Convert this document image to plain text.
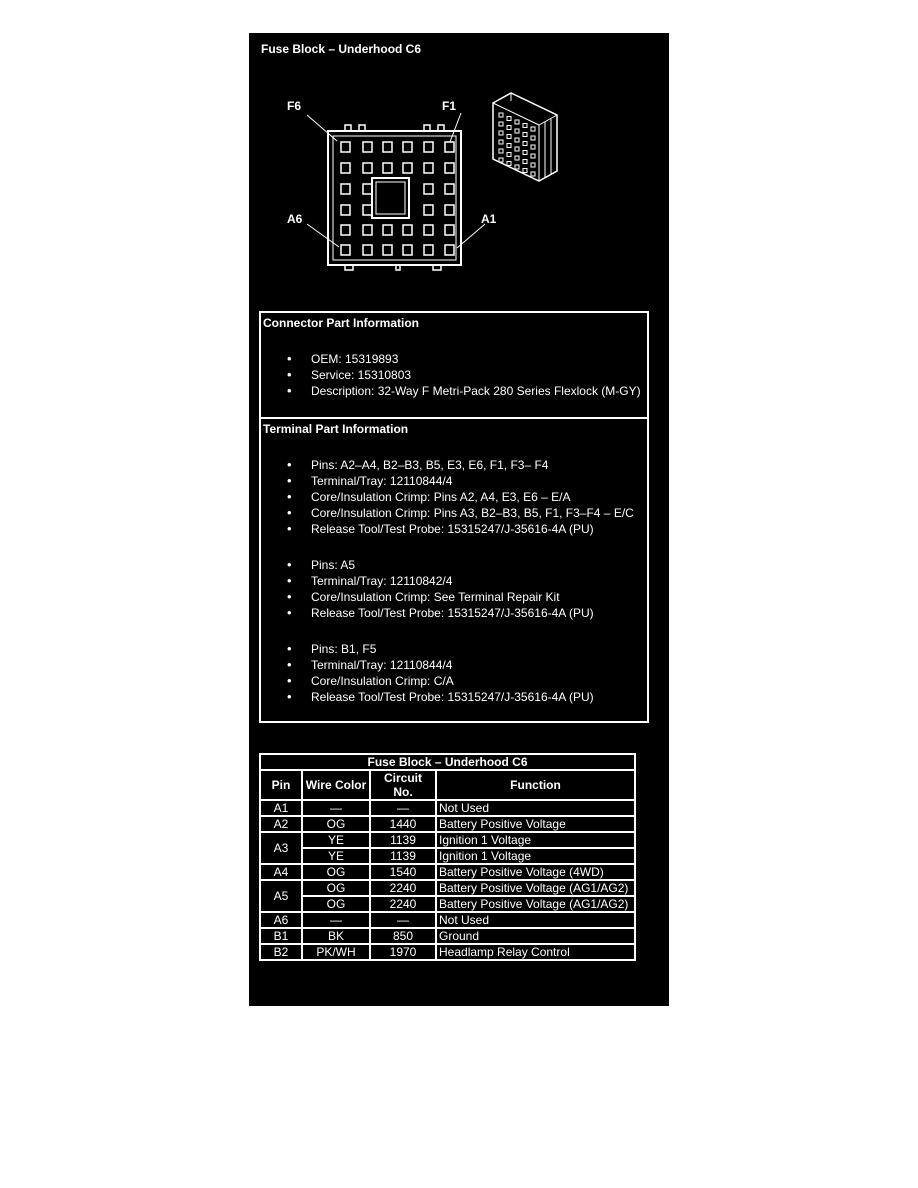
Fuse Block – Underhood C6
F6	F1
A6	A1
Connector Part Information
• OEM: 15319893
• Service: 15310803
• Description: 32-Way F Metri-Pack 280 Series Flexlock (M-GY)
Terminal Part Information
• Pins: A2–A4, B2–B3, B5, E3, E6, F1, F3– F4
• Terminal/Tray: 12110844/4
• Core/Insulation Crimp: Pins A2, A4, E3, E6 – E/A
• Core/Insulation Crimp: Pins A3, B2–B3, B5, F1, F3–F4 – E/C
• Release Tool/Test Probe: 15315247/J-35616-4A (PU)
• Pins: A5
• Terminal/Tray: 12110842/4
• Core/Insulation Crimp: See Terminal Repair Kit
• Release Tool/Test Probe: 15315247/J-35616-4A (PU)
• Pins: B1, F5
• Terminal/Tray: 12110844/4
• Core/Insulation Crimp: C/A
• Release Tool/Test Probe: 15315247/J-35616-4A (PU)
Fuse Block – Underhood C6			
Pin	Wire Color	Circuit No.	Function
A1	—	—	Not Used
A2	OG	1440	Battery Positive Voltage
A3	YE	1139	Ignition 1 Voltage
	YE	1139	Ignition 1 Voltage
A4	OG	1540	Battery Positive Voltage (4WD)
A5	OG	2240	Battery Positive Voltage (AG1/AG2)
	OG	2240	Battery Positive Voltage (AG1/AG2)
A6	—	—	Not Used
B1	BK	850	Ground
B2	PK/WH	1970	Headlamp Relay Control
